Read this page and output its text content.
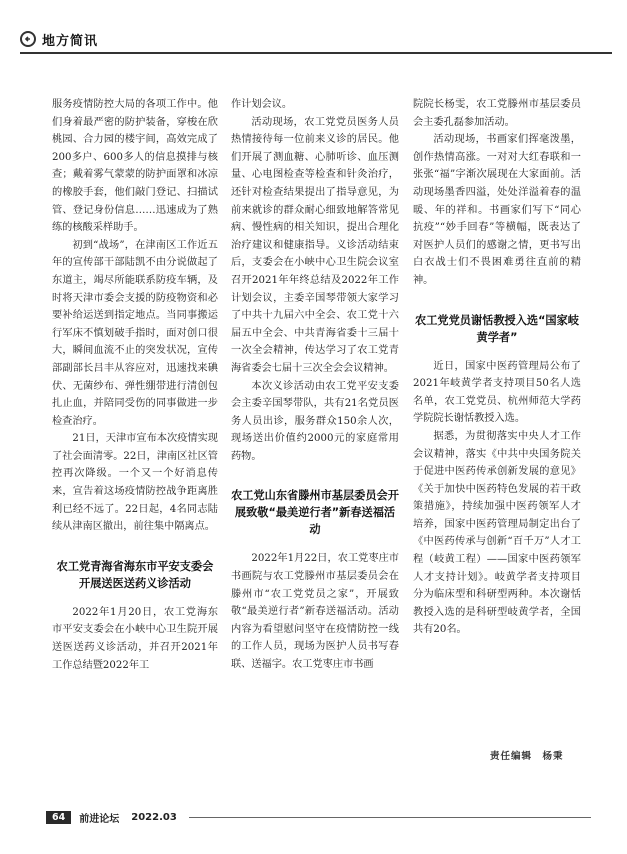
地方简讯

服务疫情防控大局的各项工作中。他们身着最严密的防护装备，穿梭在欣桃园、合力园的楼宇间，高效完成了200多户、600多人的信息摸排与核查；戴着雾气蒙蒙的防护面罩和冰凉的橡胶手套，他们敲门登记、扫描试管、登记身份信息……迅速成为了熟练的核酸采样助手。

初到“战场”，在津南区工作近五年的宣传部干部陆凯不由分说做起了东道主，竭尽所能联系防疫车辆，及时将天津市委会支援的防疫物资和必要补给运送到指定地点。当同事搬运行军床不慎划破手指时，面对创口很大，瞬间血流不止的突发状况，宣传部副部长吕丰从容应对，迅速找来碘伏、无菌纱布、弹性绷带进行清创包扎止血，并陪同受伤的同事做进一步检查治疗。

21日，天津市宣布本次疫情实现了社会面清零。22日，津南区社区管控再次降级。一个又一个好消息传来，宣告着这场疫情防控战争距离胜利已经不远了。22日起，4名同志陆续从津南区撤出，前往集中隔离点。

农工党青海省海东市平安支委会开展送医送药义诊活动

2022年1月20日，农工党海东市平安支委会在小峡中心卫生院开展送医送药义诊活动，并召开2021年工作总结暨2022年工

作计划会议。

活动现场，农工党党员医务人员热情接待每一位前来义诊的居民。他们开展了测血糖、心肺听诊、血压测量、心电图检查等检查和针灸治疗，还针对检查结果提出了指导意见，为前来就诊的群众耐心细致地解答常见病、慢性病的相关知识，提出合理化治疗建议和健康指导。义诊活动结束后，支委会在小峡中心卫生院会议室召开2021年年终总结及2022年工作计划会议，主委辛国琴带领大家学习了中共十九届六中全会、农工党十六届五中全会、中共青海省委十三届十一次全会精神，传达学习了农工党青海省委会七届十三次全会会议精神。

本次义诊活动由农工党平安支委会主委辛国琴带队，共有21名党员医务人员出诊，服务群众150余人次，现场送出价值约2000元的家庭常用药物。

农工党山东省滕州市基层委员会开展致敬“最美逆行者”新春送福活动

2022年1月22日，农工党枣庄市书画院与农工党滕州市基层委员会在滕州市“农工党党员之家”，开展致敬“最美逆行者”新春送福活动。活动内容为看望慰问坚守在疫情防控一线的工作人员，现场为医护人员书写春联、送福字。农工党枣庄市书画

院院长杨雯，农工党滕州市基层委员会主委孔磊参加活动。

活动现场，书画家们挥毫泼墨，创作热情高涨。一对对大红春联和一张张“福”字渐次展现在大家面前。活动现场墨香四溢，处处洋溢着春的温暖、年的祥和。书画家们写下“同心抗疫”“妙手回春”等横幅，既表达了对医护人员们的感谢之情，更书写出白衣战士们不畏困难勇往直前的精神。

农工党党员谢恬教授入选“国家岐黄学者”

近日，国家中医药管理局公布了2021年岐黄学者支持项目50名人选名单，农工党党员、杭州师范大学药学院院长谢恬教授入选。

据悉，为贯彻落实中央人才工作会议精神，落实《中共中央国务院关于促进中医药传承创新发展的意见》《关于加快中医药特色发展的若干政策措施》，持续加强中医药领军人才培养，国家中医药管理局制定出台了《中医药传承与创新“百千万”人才工程（岐黄工程）——国家中医药领军人才支持计划》。岐黄学者支持项目分为临床型和科研型两种。本次谢恬教授入选的是科研型岐黄学者，全国共有20名。

责任编辑　杨秉
64	前进论坛 2022.03
